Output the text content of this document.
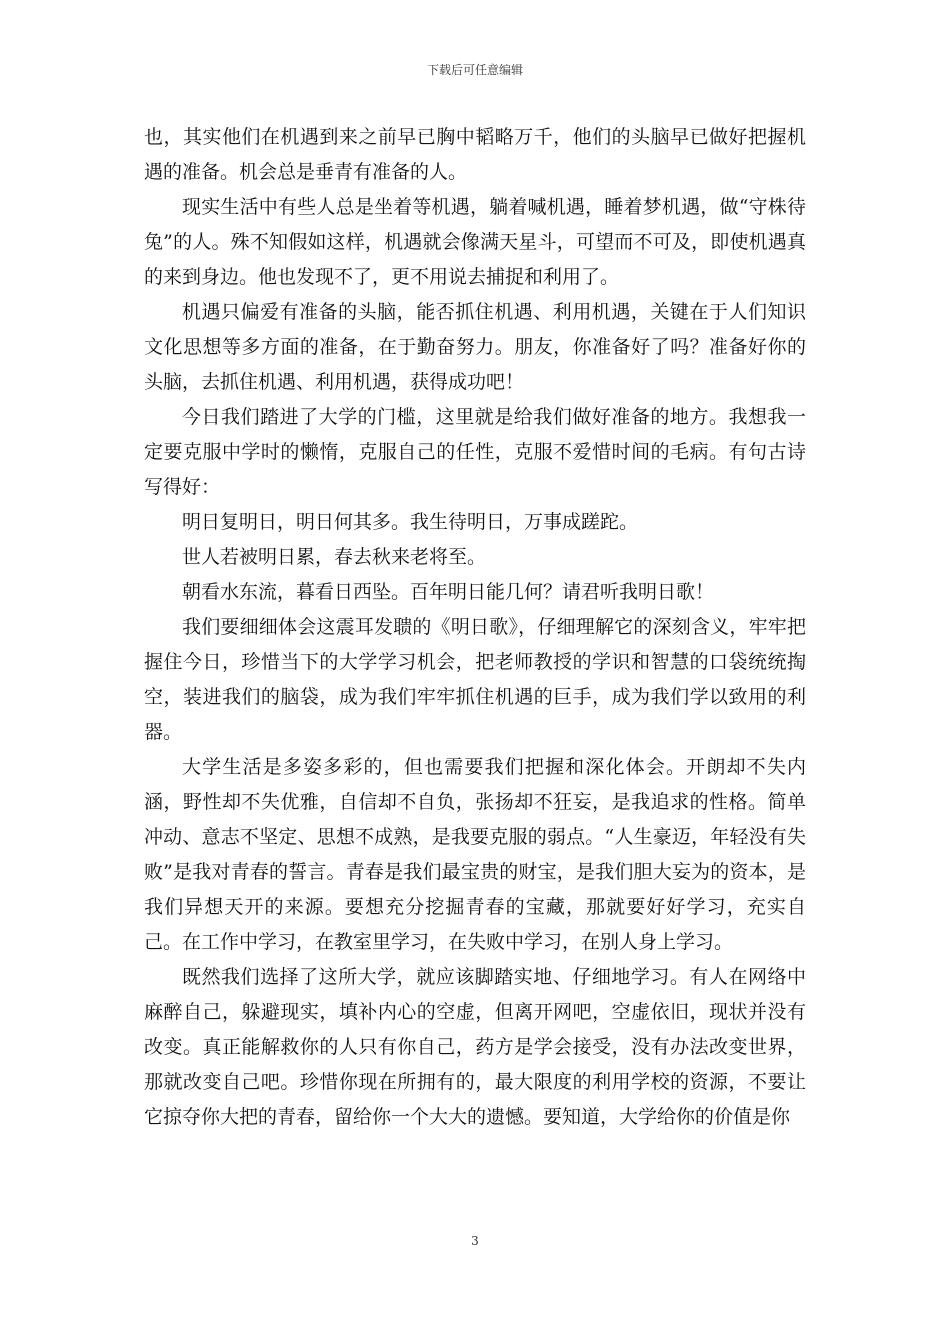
下载后可任意编辑

也，其实他们在机遇到来之前早已胸中韬略万千，他们的头脑早已做好把握机遇的准备。机会总是垂青有准备的人。

现实生活中有些人总是坐着等机遇，躺着喊机遇，睡着梦机遇，做“守株待兔”的人。殊不知假如这样，机遇就会像满天星斗，可望而不可及，即使机遇真的来到身边。他也发现不了，更不用说去捕捉和利用了。

机遇只偏爱有准备的头脑，能否抓住机遇、利用机遇，关键在于人们知识文化思想等多方面的准备，在于勤奋努力。朋友，你准备好了吗？准备好你的头脑，去抓住机遇、利用机遇，获得成功吧！

今日我们踏进了大学的门槛，这里就是给我们做好准备的地方。我想我一定要克服中学时的懒惰，克服自己的任性，克服不爱惜时间的毛病。有句古诗写得好：

明日复明日，明日何其多。我生待明日，万事成蹉跎。

世人若被明日累，春去秋来老将至。

朝看水东流，暮看日西坠。百年明日能几何？请君听我明日歌！

我们要细细体会这震耳发聩的《明日歌》，仔细理解它的深刻含义，牢牢把握住今日，珍惜当下的大学学习机会，把老师教授的学识和智慧的口袋统统掏空，装进我们的脑袋，成为我们牢牢抓住机遇的巨手，成为我们学以致用的利器。

大学生活是多姿多彩的，但也需要我们把握和深化体会。开朗却不失内涵，野性却不失优雅，自信却不自负，张扬却不狂妄，是我追求的性格。简单冲动、意志不坚定、思想不成熟，是我要克服的弱点。“人生豪迈，年轻没有失败”是我对青春的誓言。青春是我们最宝贵的财宝，是我们胆大妄为的资本，是我们异想天开的来源。要想充分挖掘青春的宝藏，那就要好好学习，充实自己。在工作中学习，在教室里学习，在失败中学习，在别人身上学习。

既然我们选择了这所大学，就应该脚踏实地、仔细地学习。有人在网络中麻醉自己，躲避现实，填补内心的空虚，但离开网吧，空虚依旧，现状并没有改变。真正能解救你的人只有你自己，药方是学会接受，没有办法改变世界，那就改变自己吧。珍惜你现在所拥有的，最大限度的利用学校的资源，不要让它掠夺你大把的青春，留给你一个大大的遗憾。要知道，大学给你的价值是你

3
